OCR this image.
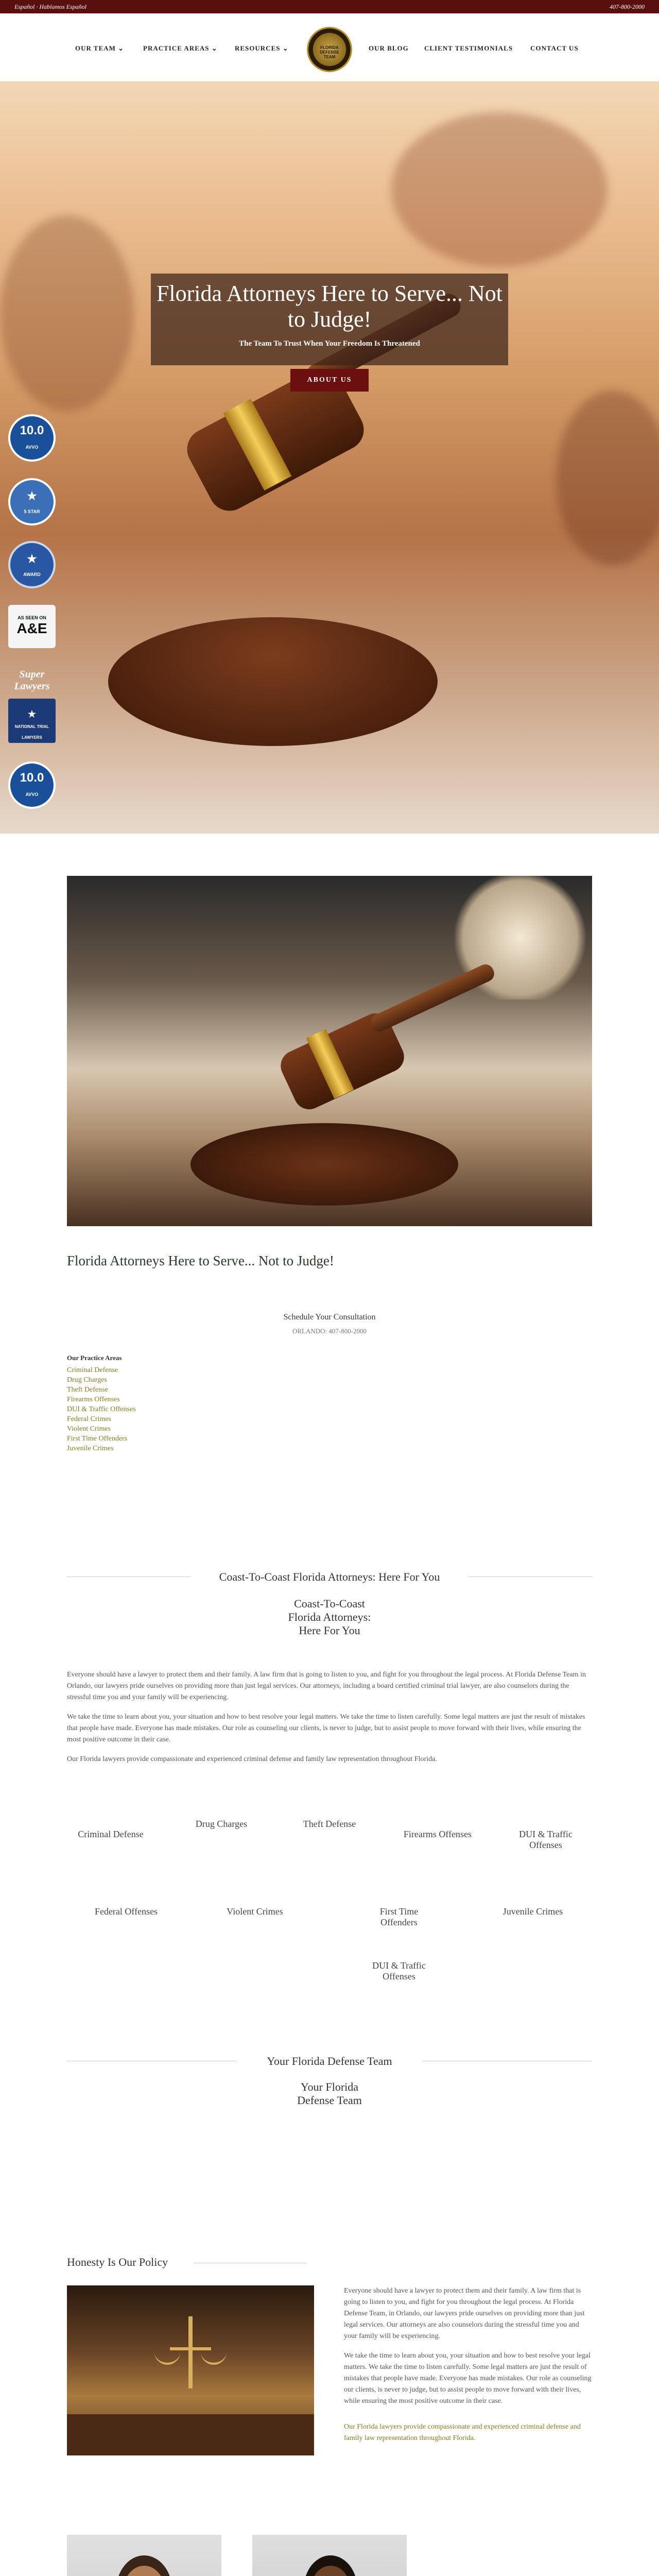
Español · Hablamos Español	407-800-2000
OUR TEAM ⌄	PRACTICE AREAS ⌄	RESOURCES ⌄	FLORIDA DEFENSE TEAM
OUR BLOG CLIENT TESTIMONIALS	CONTACT US
Florida Attorneys Here to Serve... Not to Judge!
The Team To Trust When Your Freedom Is Threatened
ABOUT US
10.0
AVVO
★
5 STAR
★
AWARD
AS SEEN ON
A&E
Super Lawyers
★
NATIONAL TRIAL LAWYERS
10.0
AVVO
Florida Attorneys Here to Serve... Not to Judge!
Schedule Your Consultation
ORLANDO: 407-800-2000
Our Practice Areas
Criminal Defense
Drug Charges
Theft Defense
Firearms Offenses
DUI & Traffic Offenses
Federal Crimes
Violent Crimes
First Time Offenders
Juvenile Crimes
Coast-To-Coast Florida Attorneys: Here For You
Coast-To-Coast
Florida Attorneys:
Here For You
Everyone should have a lawyer to protect them and their family. A law firm that is going to listen to you, and fight for you throughout the legal process. At Florida Defense Team in Orlando, our lawyers pride ourselves on providing more than just legal services. Our attorneys, including a board certified criminal trial lawyer, are also counselors during the stressful time you and your family will be experiencing.
We take the time to learn about you, your situation and how to best resolve your legal matters. We take the time to listen carefully. Some legal matters are just the result of mistakes that people have made. Everyone has made mistakes. Our role as counseling our clients, is never to judge, but to assist people to move forward with their lives, while ensuring the most positive outcome in their case.
Our Florida lawyers provide compassionate and experienced criminal defense and family law representation throughout Florida.
Criminal Defense
Drug Charges	Theft Defense
Firearms Offenses	DUI & Traffic Offenses
Federal Offenses	Violent Crimes	First Time Offenders
Juvenile Crimes
DUI & Traffic Offenses
Your Florida Defense Team
Your Florida
Defense Team
Honesty Is Our Policy
Everyone should have a lawyer to protect them and their family. A law firm that is going to listen to you, and fight for you throughout the legal process. At Florida Defense Team, in Orlando, our lawyers pride ourselves on providing more than just legal services. Our attorneys are also counselors during the stressful time you and your family will be experiencing.
We take the time to learn about you, your situation and how to best resolve your legal matters. We take the time to listen carefully. Some legal matters are just the result of mistakes that people have made. Everyone has made mistakes. Our role as counseling our clients, is never to judge, but to assist people to move forward with their lives, while ensuring the most positive outcome in their case.
Our Florida lawyers provide compassionate and experienced criminal defense and family law representation throughout Florida.
